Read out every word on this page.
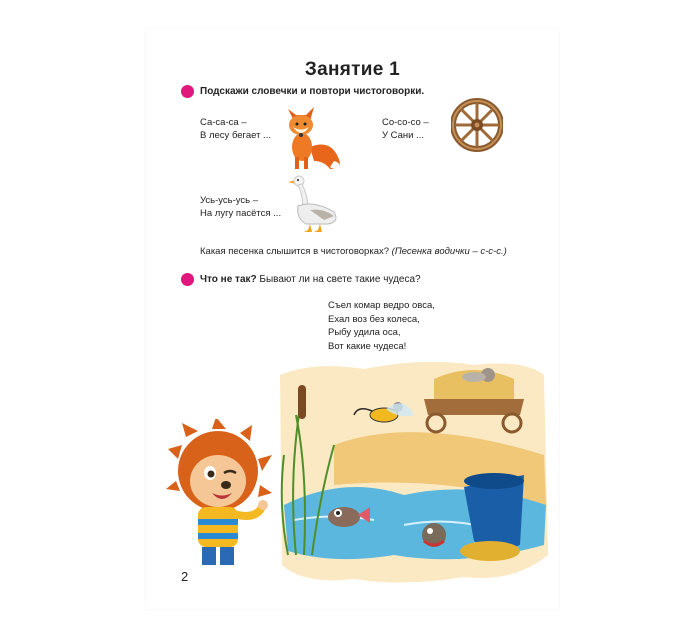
Занятие 1
Подскажи словечки и повтори чистоговорки.
Са-са-са –
В лесу бегает ...
Со-со-со –
У Сани ...
Усь-усь-усь –
На лугу пасётся ...
Какая песенка слышится в чистоговорках? (Песенка водички – с-с-с.)
Что не так? Бывают ли на свете такие чудеса?
Съел комар ведро овса,
Ехал воз без колеса,
Рыбу удила оса,
Вот какие чудеса!
2
